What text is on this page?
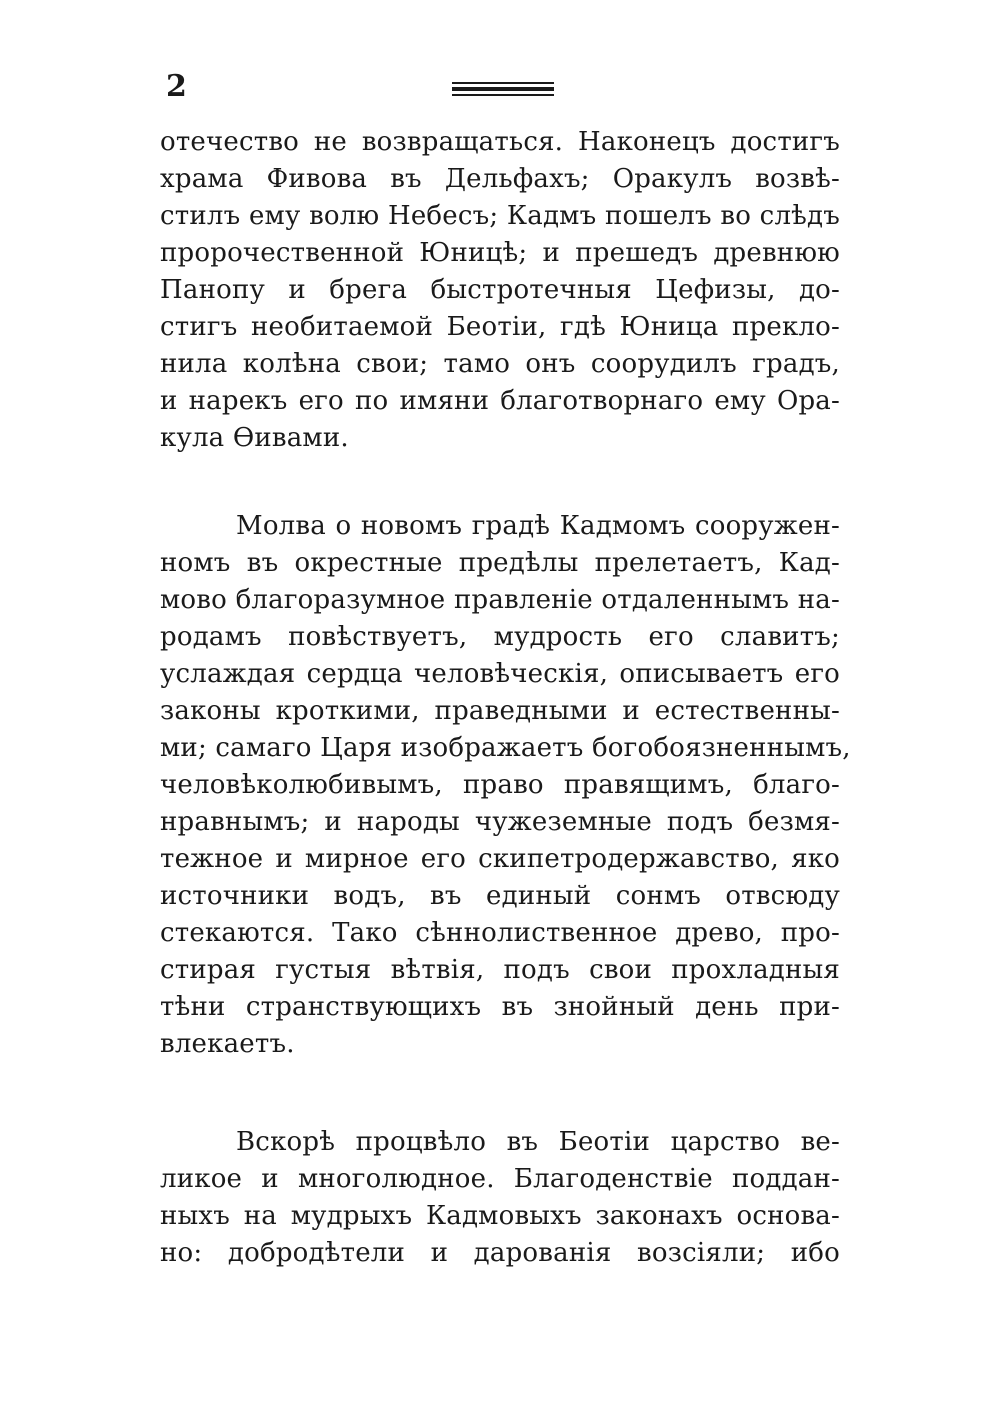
2
отечество не возвращаться. Наконецъ достигъ
храма Фивова въ Дельфахъ; Оракулъ возвѣ-
стилъ ему волю Небесъ; Кадмъ пошелъ во слѣдъ
пророчественной Юницѣ; и прешедъ древнюю
Панопу и брега быстротечныя Цефизы, до-
стигъ необитаемой Беотiи, гдѣ Юница прекло-
нила колѣна свои; тамо онъ соорудилъ градъ,
и нарекъ его по имяни благотворнаго ему Ора-
кула Өивами.
Молва о новомъ градѣ Кадмомъ сооружен-
номъ въ окрестные предѣлы прелетаетъ, Кад-
мово благоразумное правленiе отдаленнымъ на-
родамъ повѣствуетъ, мудрость его славитъ;
услаждая сердца человѣческiя, описываетъ его
законы кроткими, праведными и естественны-
ми; самаго Царя изображаетъ богобоязненнымъ,
человѣколюбивымъ, право правящимъ, благо-
нравнымъ; и народы чужеземные подъ безмя-
тежное и мирное его скипетродержавство, яко
источники водъ, въ единый сонмъ отвсюду
стекаются. Тако сѣннолиственное древо, про-
стирая густыя вѣтвiя, подъ свои прохладныя
тѣни странствующихъ въ знойный день при-
влекаетъ.
Вскорѣ процвѣло въ Беотiи царство ве-
ликое и многолюдное. Благоденствiе поддан-
ныхъ на мудрыхъ Кадмовыхъ законахъ основа-
но: добродѣтели и дарованiя возсiяли; ибо
